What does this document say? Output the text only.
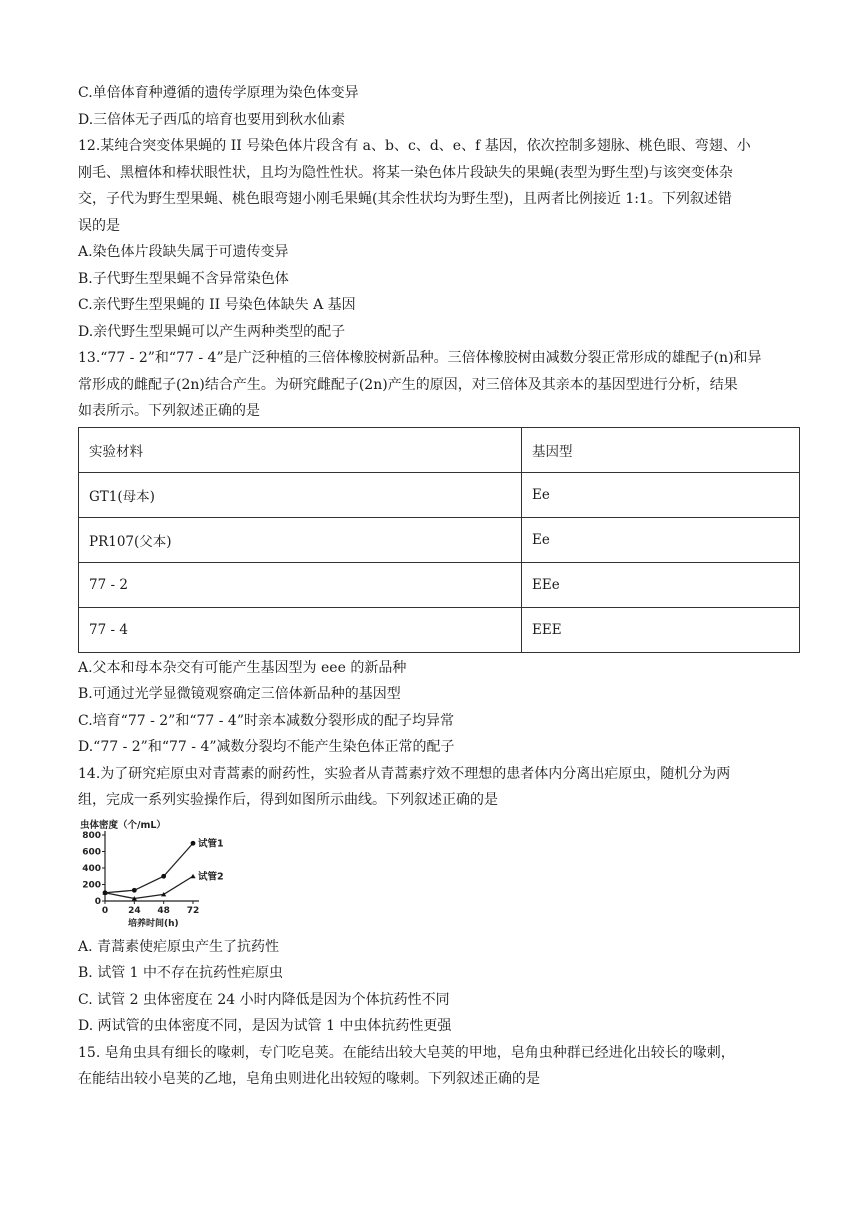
C.单倍体育种遵循的遗传学原理为染色体变异
D.三倍体无子西瓜的培育也要用到秋水仙素
12.某纯合突变体果蝇的 II 号染色体片段含有 a、b、c、d、e、f 基因，依次控制多翅脉、桃色眼、弯翅、小
刚毛、黑檀体和棒状眼性状，且均为隐性性状。将某一染色体片段缺失的果蝇(表型为野生型)与该突变体杂
交，子代为野生型果蝇、桃色眼弯翅小刚毛果蝇(其余性状均为野生型)，且两者比例接近 1:1。下列叙述错
误的是
A.染色体片段缺失属于可遗传变异
B.子代野生型果蝇不含异常染色体
C.亲代野生型果蝇的 II 号染色体缺失 A 基因
D.亲代野生型果蝇可以产生两种类型的配子
13.“77 - 2”和“77 - 4”是广泛种植的三倍体橡胶树新品种。三倍体橡胶树由减数分裂正常形成的雄配子(n)和异
常形成的雌配子(2n)结合产生。为研究雌配子(2n)产生的原因，对三倍体及其亲本的基因型进行分析，结果
如表所示。下列叙述正确的是
实验材料	基因型
GT1(母本)	Ee
PR107(父本)	Ee
77 - 2	EEe
77 - 4	EEE
A.父本和母本杂交有可能产生基因型为 eee 的新品种
B.可通过光学显微镜观察确定三倍体新品种的基因型
C.培育“77 - 2”和“77 - 4”时亲本减数分裂形成的配子均异常
D.“77 - 2”和“77 - 4”减数分裂均不能产生染色体正常的配子
14.为了研究疟原虫对青蒿素的耐药性，实验者从青蒿素疗效不理想的患者体内分离出疟原虫，随机分为两
组，完成一系列实验操作后，得到如图所示曲线。下列叙述正确的是
虫体密度（个/mL）
培养时间(h)
0
200
400
600
800
0 24 48 72
试管1
试管2
A. 青蒿素使疟原虫产生了抗药性
B. 试管 1 中不存在抗药性疟原虫
C. 试管 2 虫体密度在 24 小时内降低是因为个体抗药性不同
D. 两试管的虫体密度不同，是因为试管 1 中虫体抗药性更强
15. 皂角虫具有细长的喙刺，专门吃皂荚。在能结出较大皂荚的甲地，皂角虫种群已经进化出较长的喙刺，
在能结出较小皂荚的乙地，皂角虫则进化出较短的喙刺。下列叙述正确的是
